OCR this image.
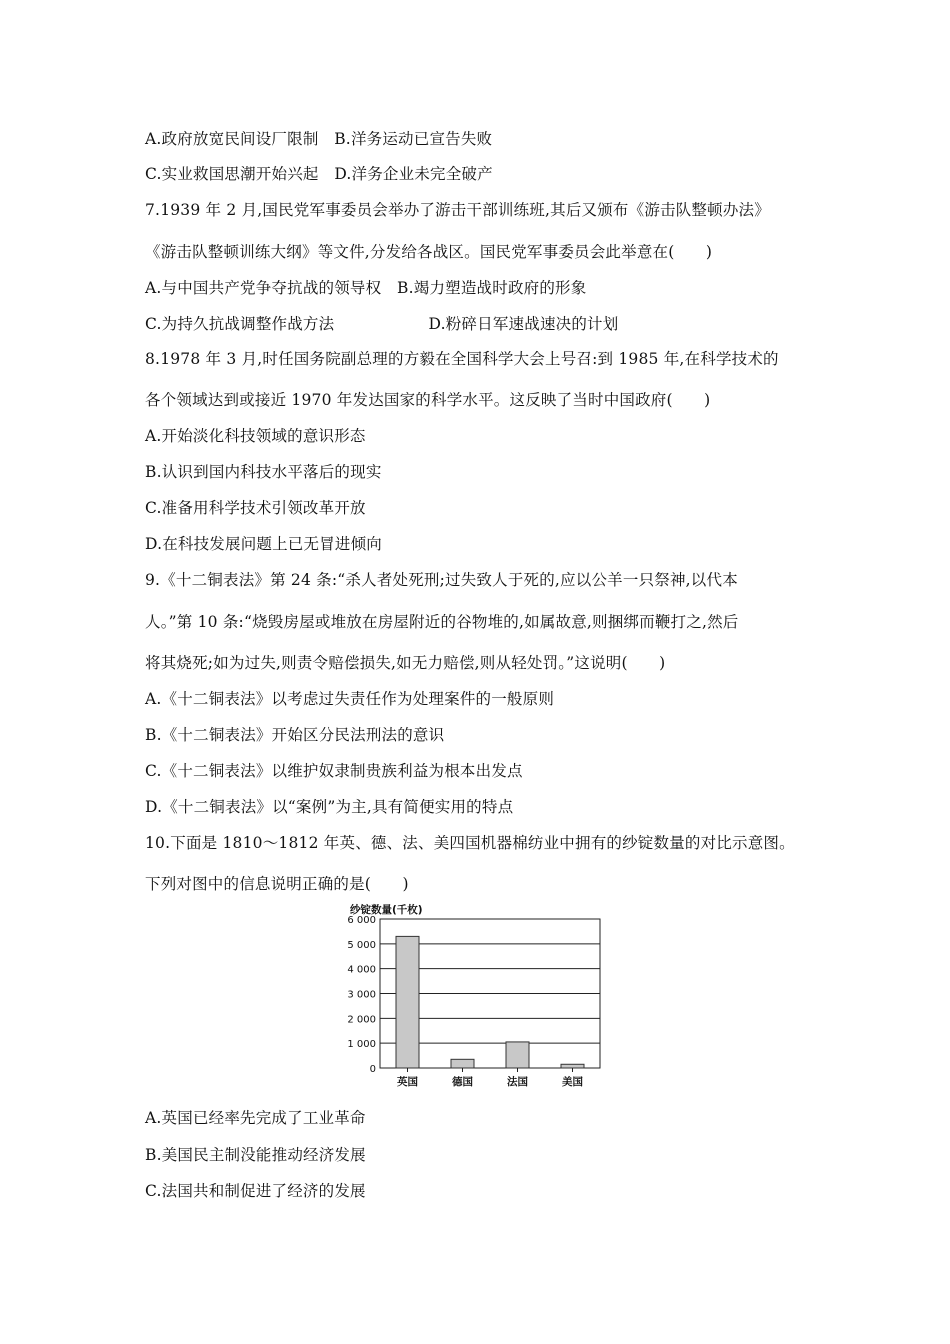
A.政府放宽民间设厂限制　B.洋务运动已宣告失败
C.实业救国思潮开始兴起　D.洋务企业未完全破产
7.1939 年 2 月,国民党军事委员会举办了游击干部训练班,其后又颁布《游击队整顿办法》
《游击队整顿训练大纲》等文件,分发给各战区。国民党军事委员会此举意在(　　)
A.与中国共产党争夺抗战的领导权　B.竭力塑造战时政府的形象
C.为持久抗战调整作战方法　　　　　　D.粉碎日军速战速决的计划
8.1978 年 3 月,时任国务院副总理的方毅在全国科学大会上号召:到 1985 年,在科学技术的
各个领域达到或接近 1970 年发达国家的科学水平。这反映了当时中国政府(　　)
A.开始淡化科技领域的意识形态
B.认识到国内科技水平落后的现实
C.准备用科学技术引领改革开放
D.在科技发展问题上已无冒进倾向
9.《十二铜表法》第 24 条:“杀人者处死刑;过失致人于死的,应以公羊一只祭神,以代本
人。”第 10 条:“烧毁房屋或堆放在房屋附近的谷物堆的,如属故意,则捆绑而鞭打之,然后
将其烧死;如为过失,则责令赔偿损失,如无力赔偿,则从轻处罚。”这说明(　　)
A.《十二铜表法》以考虑过失责任作为处理案件的一般原则
B.《十二铜表法》开始区分民法刑法的意识
C.《十二铜表法》以维护奴隶制贵族利益为根本出发点
D.《十二铜表法》以“案例”为主,具有简便实用的特点
10.下面是 1810～1812 年英、德、法、美四国机器棉纺业中拥有的纱锭数量的对比示意图。
下列对图中的信息说明正确的是(　　)
纱锭数量(千枚)
0
1 000
2 000
3 000
4 000
5 000
6 000
英国	德国	法国	美国
A.英国已经率先完成了工业革命
B.美国民主制没能推动经济发展
C.法国共和制促进了经济的发展
